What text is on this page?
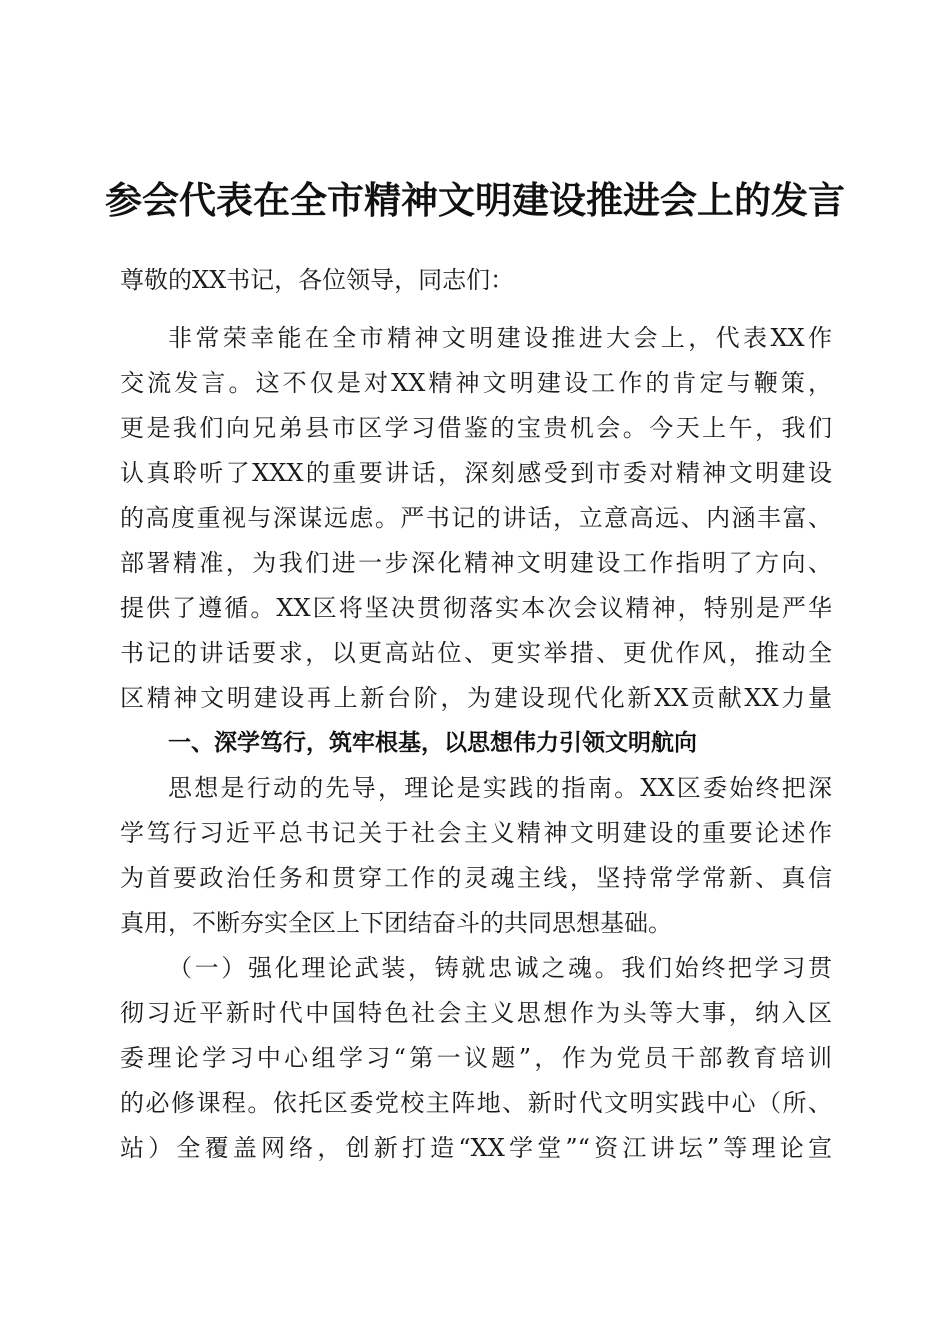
参会代表在全市精神文明建设推进会上的发言
尊敬的XX书记，各位领导，同志们：
非常荣幸能在全市精神文明建设推进大会上，代表XX作
交流发言。这不仅是对XX精神文明建设工作的肯定与鞭策，
更是我们向兄弟县市区学习借鉴的宝贵机会。今天上午，我们
认真聆听了XXX的重要讲话，深刻感受到市委对精神文明建设
的高度重视与深谋远虑。严书记的讲话，立意高远、内涵丰富、
部署精准，为我们进一步深化精神文明建设工作指明了方向、
提供了遵循。XX区将坚决贯彻落实本次会议精神，特别是严华
书记的讲话要求，以更高站位、更实举措、更优作风，推动全
区精神文明建设再上新台阶，为建设现代化新XX贡献XX力量
一、深学笃行，筑牢根基，以思想伟力引领文明航向
思想是行动的先导，理论是实践的指南。XX区委始终把深
学笃行习近平总书记关于社会主义精神文明建设的重要论述作
为首要政治任务和贯穿工作的灵魂主线，坚持常学常新、真信
真用，不断夯实全区上下团结奋斗的共同思想基础。
（一）强化理论武装，铸就忠诚之魂。我们始终把学习贯
彻习近平新时代中国特色社会主义思想作为头等大事，纳入区
委理论学习中心组学习“第一议题”，作为党员干部教育培训
的必修课程。依托区委党校主阵地、新时代文明实践中心（所、
站）全覆盖网络，创新打造“XX学堂”“资江讲坛”等理论宣
